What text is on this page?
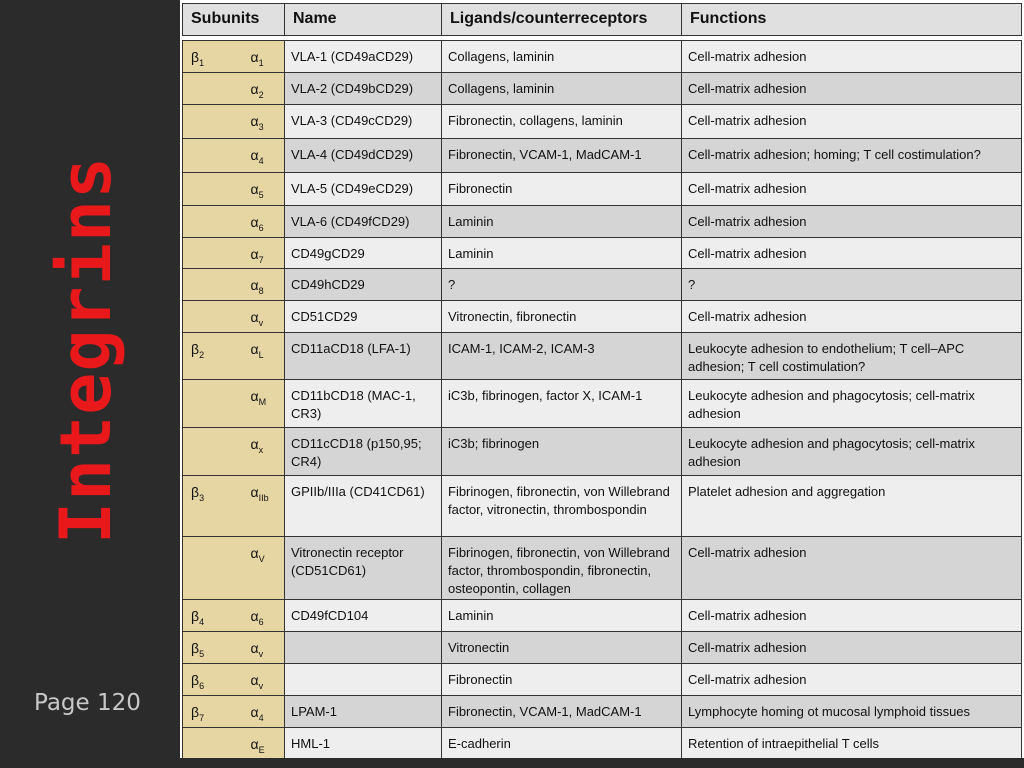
Integrins
Page 120
Subunits	Name	Ligands/counterreceptors	Functions
$\beta_1$	$\alpha_1$	VLA-1 (CD49aCD29)	Collagens, laminin	Cell-matrix adhesion
	$\alpha_2$	VLA-2 (CD49bCD29)	Collagens, laminin	Cell-matrix adhesion
	$\alpha_3$	VLA-3 (CD49cCD29)	Fibronectin, collagens, laminin	Cell-matrix adhesion
	$\alpha_4$	VLA-4 (CD49dCD29)	Fibronectin, VCAM-1, MadCAM-1	Cell-matrix adhesion; homing; T cell costimulation?
	$\alpha_5$	VLA-5 (CD49eCD29)	Fibronectin	Cell-matrix adhesion
	$\alpha_6$	VLA-6 (CD49fCD29)	Laminin	Cell-matrix adhesion
	$\alpha_7$	CD49gCD29	Laminin	Cell-matrix adhesion
	$\alpha_8$	CD49hCD29	?	?
	$\alpha_v$	CD51CD29	Vitronectin, fibronectin	Cell-matrix adhesion
$\beta_2$	$\alpha_L$	CD11aCD18 (LFA-1)	ICAM-1, ICAM-2, ICAM-3	Leukocyte adhesion to endothelium; T cell–APC adhesion; T cell costimulation?
	$\alpha_M$	CD11bCD18 (MAC-1, CR3)	iC3b, fibrinogen, factor X, ICAM-1	Leukocyte adhesion and phagocytosis; cell-matrix adhesion
	$\alpha_x$	CD11cCD18 (p150,95; CR4)	iC3b; fibrinogen	Leukocyte adhesion and phagocytosis; cell-matrix adhesion
$\beta_3$	$\alpha_{IIb}$	GPIIb/IIIa (CD41CD61)	Fibrinogen, fibronectin, von Willebrand factor, vitronectin, thrombospondin	Platelet adhesion and aggregation
	$\alpha_V$	Vitronectin receptor (CD51CD61)	Fibrinogen, fibronectin, von Willebrand factor, thrombospondin, fibronectin, osteopontin, collagen	Cell-matrix adhesion
$\beta_4$	$\alpha_6$	CD49fCD104	Laminin	Cell-matrix adhesion
$\beta_5$	$\alpha_v$		Vitronectin	Cell-matrix adhesion
$\beta_6$	$\alpha_v$		Fibronectin	Cell-matrix adhesion
$\beta_7$	$\alpha_4$	LPAM-1	Fibronectin, VCAM-1, MadCAM-1	Lymphocyte homing ot mucosal lymphoid tissues
	$\alpha_E$	HML-1	E-cadherin	Retention of intraepithelial T cells
